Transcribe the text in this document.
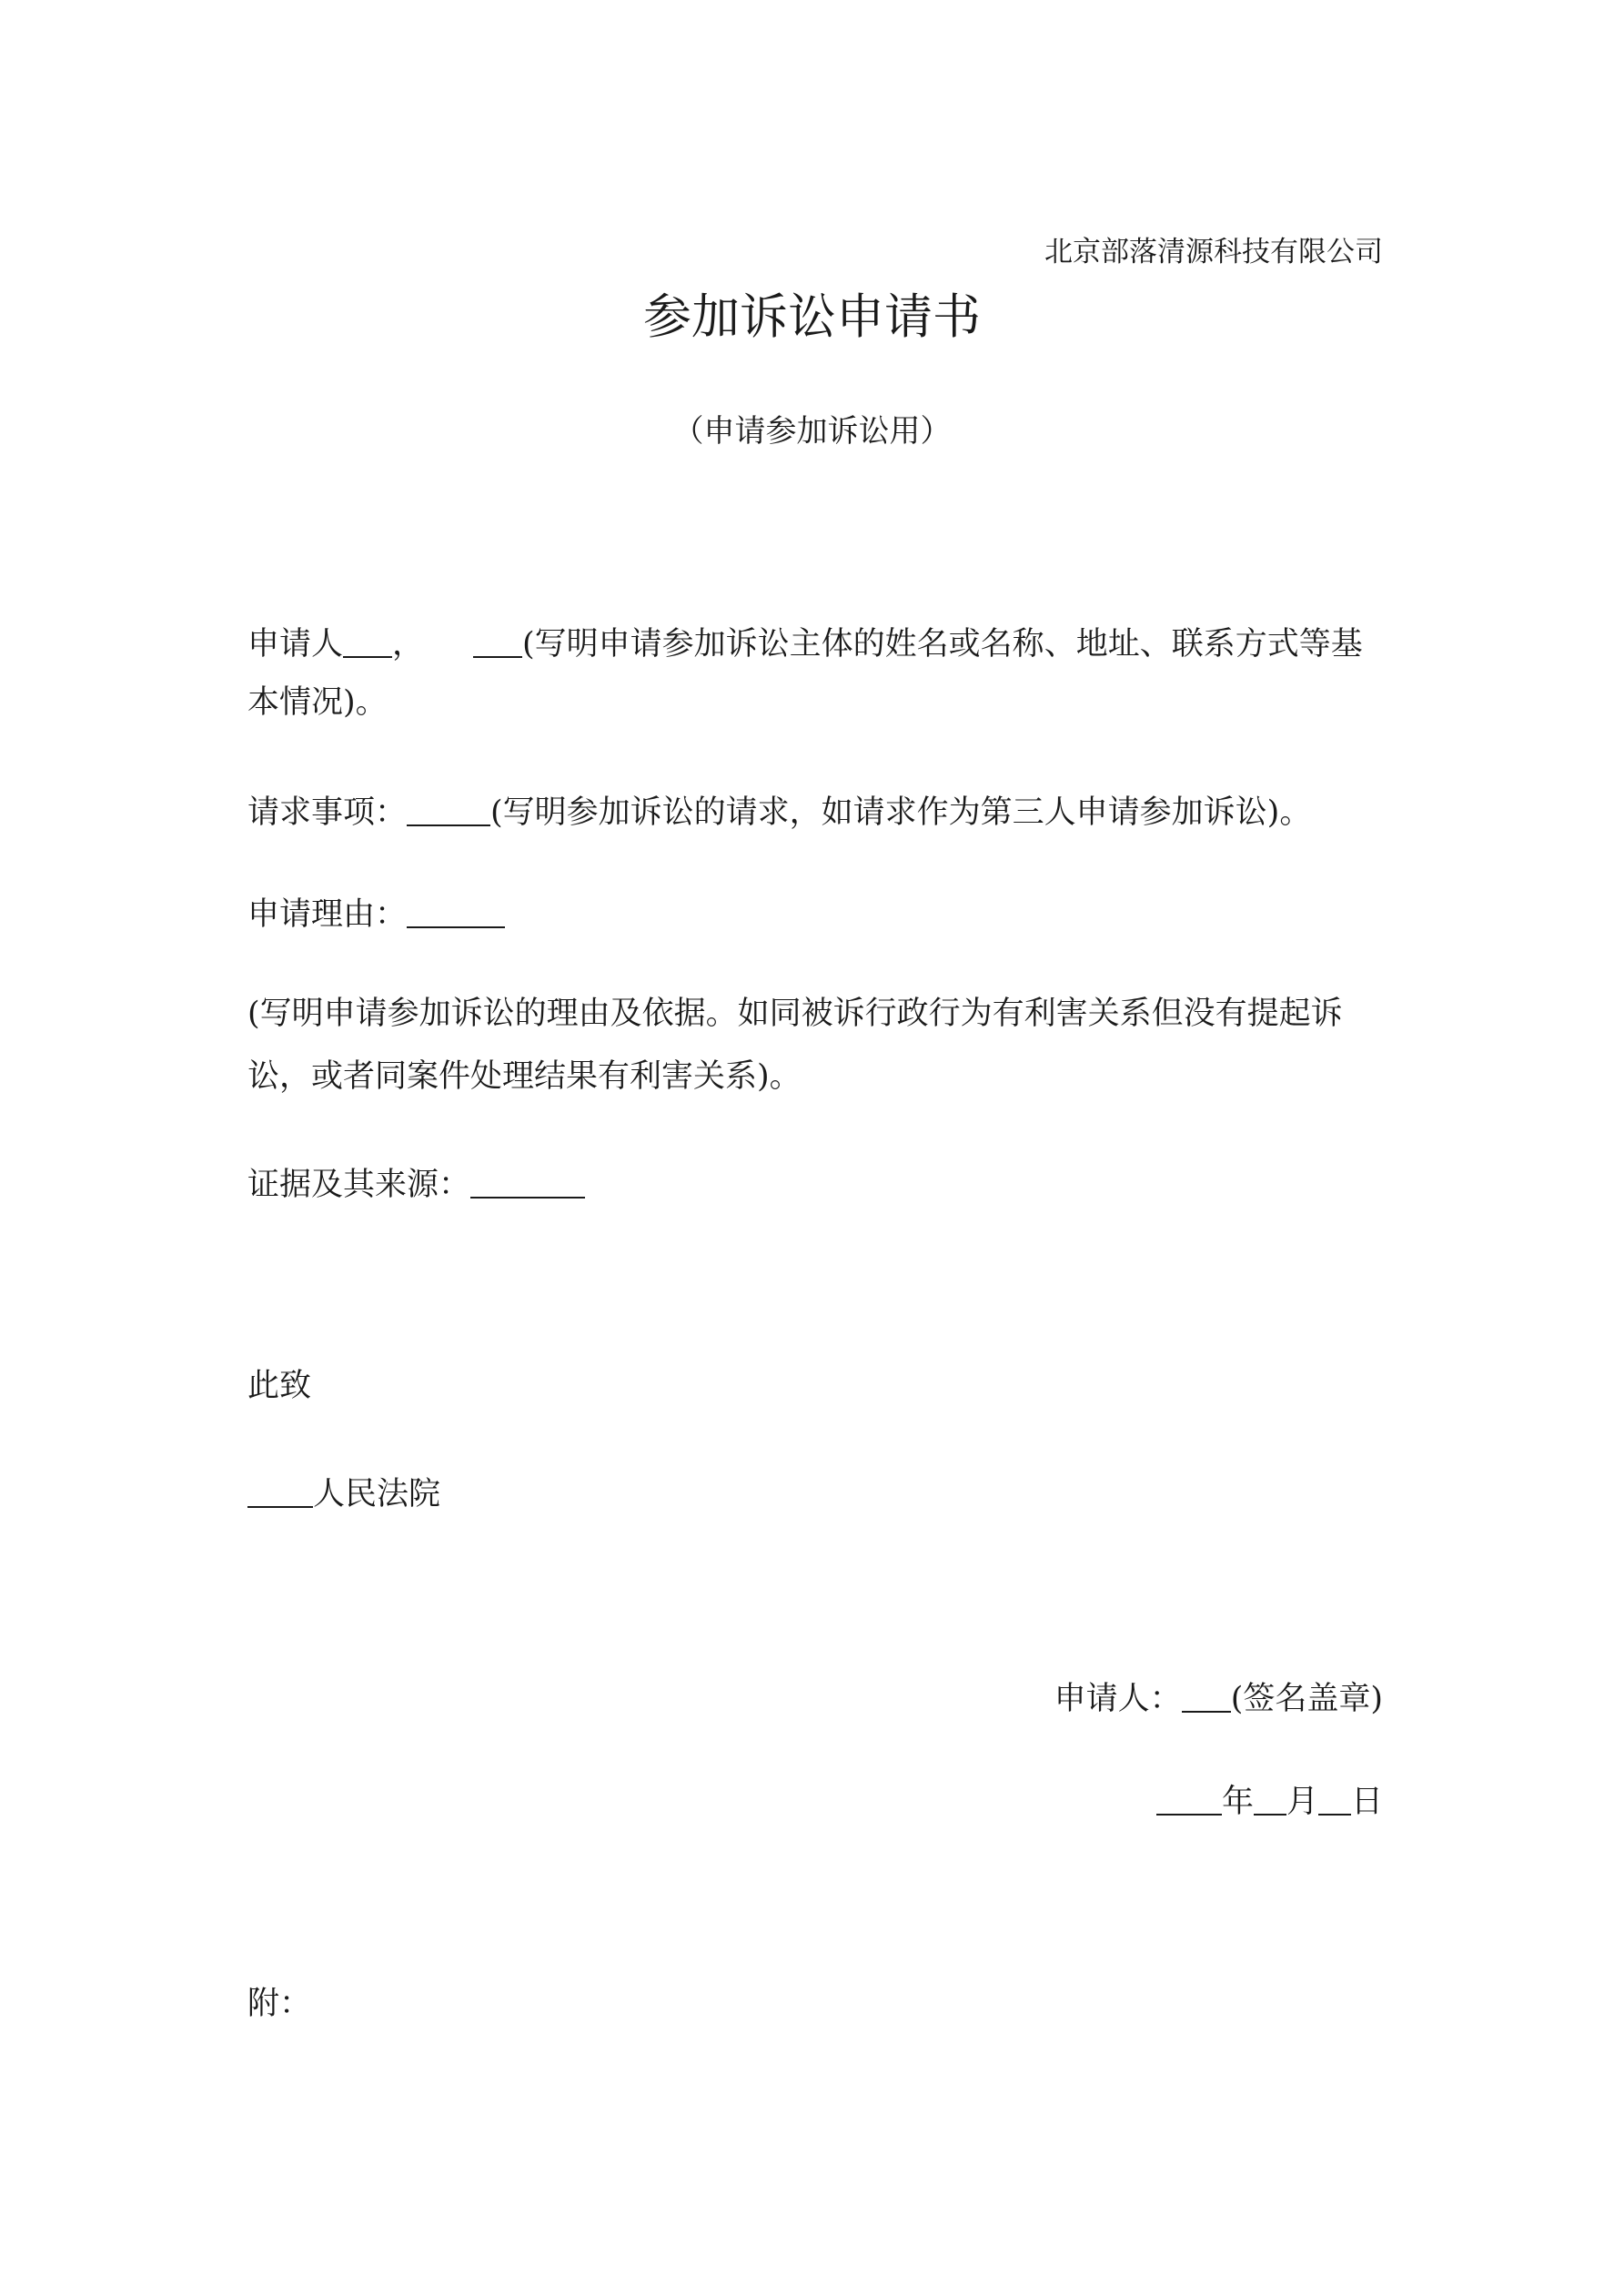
北京部落清源科技有限公司
参加诉讼申请书
（申请参加诉讼用）
申请人 ，	(写明申请参加诉讼主体的姓名或名称、地址、联系方式等基
本情况)。
请求事项：	(写明参加诉讼的请求，如请求作为第三人申请参加诉讼)。
申请理由：
(写明申请参加诉讼的理由及依据。如同被诉行政行为有利害关系但没有提起诉
讼，或者同案件处理结果有利害关系)。
证据及其来源：
此致
人民法院
申请人： (签名盖章)
年 月 日
附：
